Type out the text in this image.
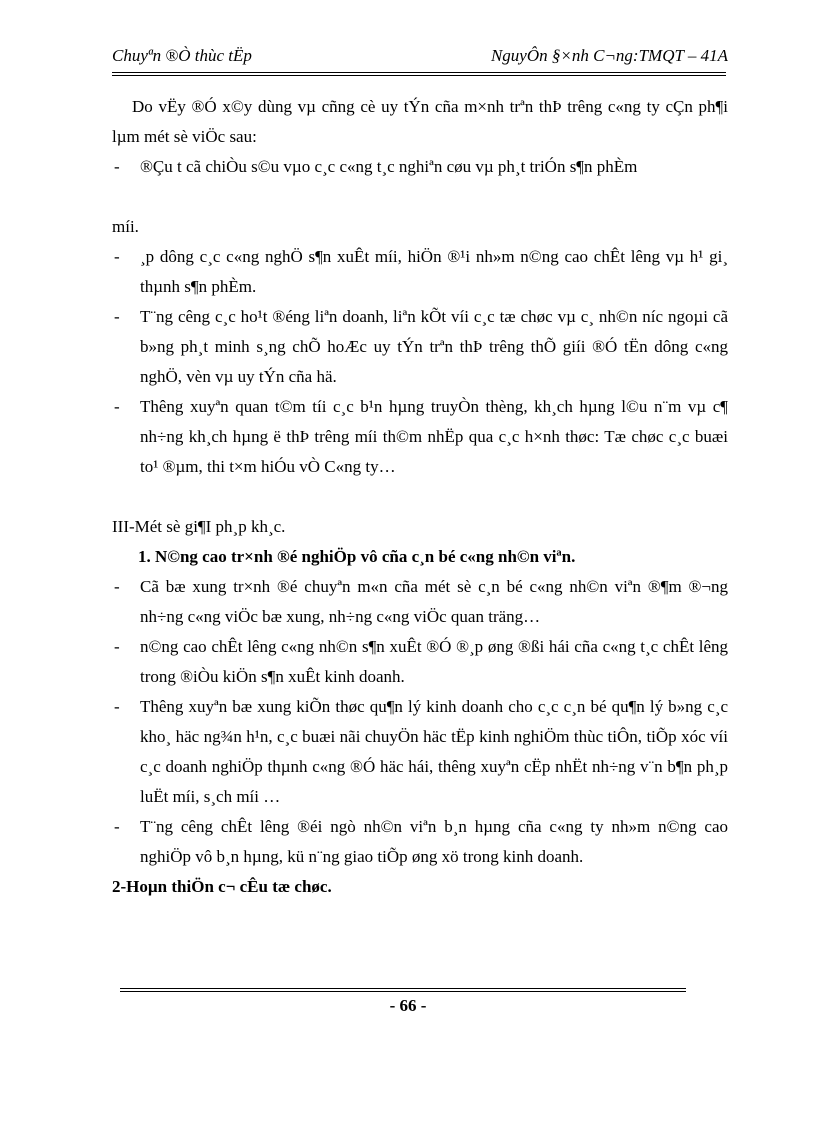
Chuyªn ®Ò thùc tËp	NguyÔn §×nh C¬ng:TMQT – 41A

Do vËy ®Ó x©y dùng vµ cñng cè uy tÝn cña m×nh trªn thÞ trêng c«ng ty cÇn ph¶i lµm mét sè viÖc sau:

- ®Çu t cã chiÒu s©u vµo c¸c c«ng t¸c nghiªn cøu vµ ph¸t triÓn s¶n phÈm

míi.

- ¸p dông c¸c c«ng nghÖ s¶n xuÊt míi, hiÖn ®¹i nh»m n©ng cao chÊt lêng vµ h¹ gi¸ thµnh s¶n phÈm.

- T¨ng cêng c¸c ho¹t ®éng liªn doanh, liªn kÕt víi c¸c tæ chøc vµ c¸ nh©n níc ngoµi cã b»ng ph¸t minh s¸ng chÕ hoÆc uy tÝn trªn thÞ trêng thÕ giíi ®Ó tËn dông c«ng nghÖ, vèn vµ uy tÝn cña hä.

- Thêng xuyªn quan t©m tíi c¸c b¹n hµng truyÒn thèng, kh¸ch hµng l©u n¨m vµ c¶ nh÷ng kh¸ch hµng ë thÞ trêng míi th©m nhËp qua c¸c h×nh thøc: Tæ chøc c¸c buæi to¹ ®µm, thi t×m hiÓu vÒ C«ng ty…

III-Mét sè gi¶I ph¸p kh¸c.

1. N©ng cao tr×nh ®é nghiÖp vô cña c¸n bé c«ng nh©n viªn.

- Cã bæ xung tr×nh ®é chuyªn m«n cña mét sè c¸n bé c«ng nh©n viªn ®¶m ®¬ng nh÷ng c«ng viÖc bæ xung, nh÷ng c«ng viÖc quan träng…

- n©ng cao chÊt lêng c«ng nh©n s¶n xuÊt ®Ó ®¸p øng ®ßi hái cña c«ng t¸c chÊt lêng trong ®iÒu kiÖn s¶n xuÊt kinh doanh.

- Thêng xuyªn bæ xung kiÕn thøc qu¶n lý kinh doanh cho c¸c c¸n bé qu¶n lý b»ng c¸c kho¸ häc ng¾n h¹n, c¸c buæi nãi chuyÖn häc tËp kinh nghiÖm thùc tiÔn, tiÕp xóc víi c¸c doanh nghiÖp thµnh c«ng ®Ó häc hái, thêng xuyªn cËp nhËt nh÷ng v¨n b¶n ph¸p luËt míi, s¸ch míi …

- T¨ng cêng chÊt lêng ®éi ngò nh©n viªn b¸n hµng cña c«ng ty nh»m n©ng cao nghiÖp vô b¸n hµng, kü n¨ng giao tiÕp øng xö trong kinh doanh.

2-Hoµn thiÖn c¬ cÊu tæ chøc.

- 66 -
